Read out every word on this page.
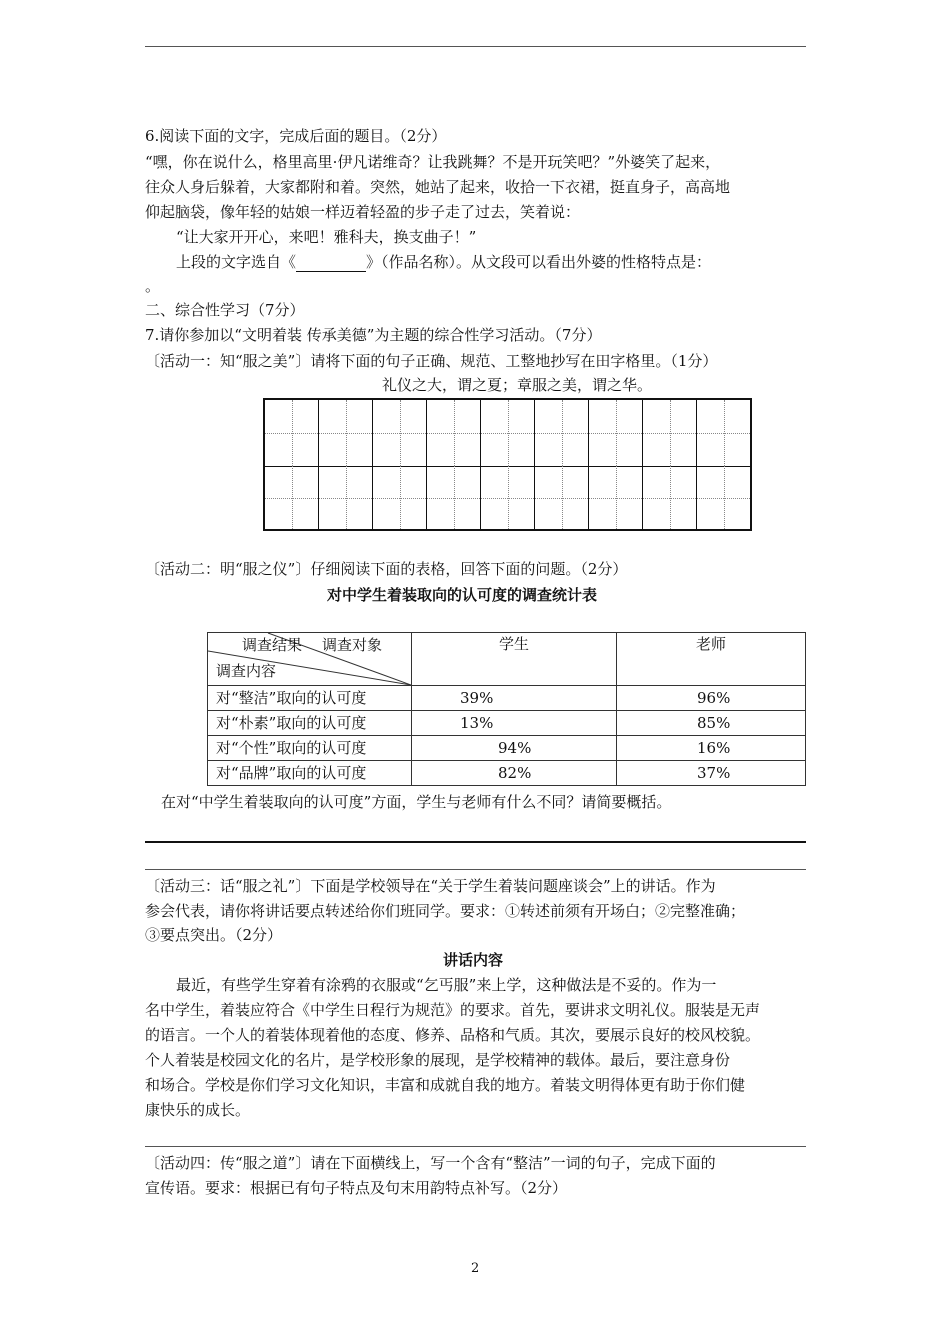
6.阅读下面的文字，完成后面的题目。（2分）
“嘿，你在说什么，格里高里·伊凡诺维奇？让我跳舞？不是开玩笑吧？”外婆笑了起来，
往众人身后躲着，大家都附和着。突然，她站了起来，收拾一下衣裙，挺直身子，高高地
仰起脑袋，像年轻的姑娘一样迈着轻盈的步子走了过去，笑着说：
“让大家开开心，来吧！雅科夫，换支曲子！”
上段的文字选自《	》（作品名称）。从文段可以看出外婆的性格特点是：
。
二、综合性学习（7分）
7.请你参加以“文明着装 传承美德”为主题的综合性学习活动。（7分）
〔活动一：知“服之美”〕请将下面的句子正确、规范、工整地抄写在田字格里。（1分）
礼仪之大，谓之夏；章服之美，谓之华。
〔活动二：明“服之仪”〕仔细阅读下面的表格，回答下面的问题。（2分）
对中学生着装取向的认可度的调查统计表
调查结果 调查对象
调查内容	学生	老师
对“整洁”取向的认可度	39%	96%
对“朴素”取向的认可度	13%	85%
对“个性”取向的认可度	94%	16%
对“品牌”取向的认可度	82%	37%
在对“中学生着装取向的认可度”方面，学生与老师有什么不同？请简要概括。
〔活动三：话“服之礼”〕下面是学校领导在“关于学生着装问题座谈会”上的讲话。作为
参会代表，请你将讲话要点转述给你们班同学。要求：①转述前须有开场白；②完整准确；
③要点突出。（2分）
讲话内容
最近，有些学生穿着有涂鸦的衣服或“乞丐服”来上学，这种做法是不妥的。作为一
名中学生，着装应符合《中学生日程行为规范》的要求。首先，要讲求文明礼仪。服装是无声
的语言。一个人的着装体现着他的态度、修养、品格和气质。其次，要展示良好的校风校貌。
个人着装是校园文化的名片，是学校形象的展现，是学校精神的载体。最后，要注意身份
和场合。学校是你们学习文化知识，丰富和成就自我的地方。着装文明得体更有助于你们健
康快乐的成长。
〔活动四：传“服之道”〕请在下面横线上，写一个含有“整洁”一词的句子，完成下面的
宣传语。要求：根据已有句子特点及句末用韵特点补写。（2分）
2
